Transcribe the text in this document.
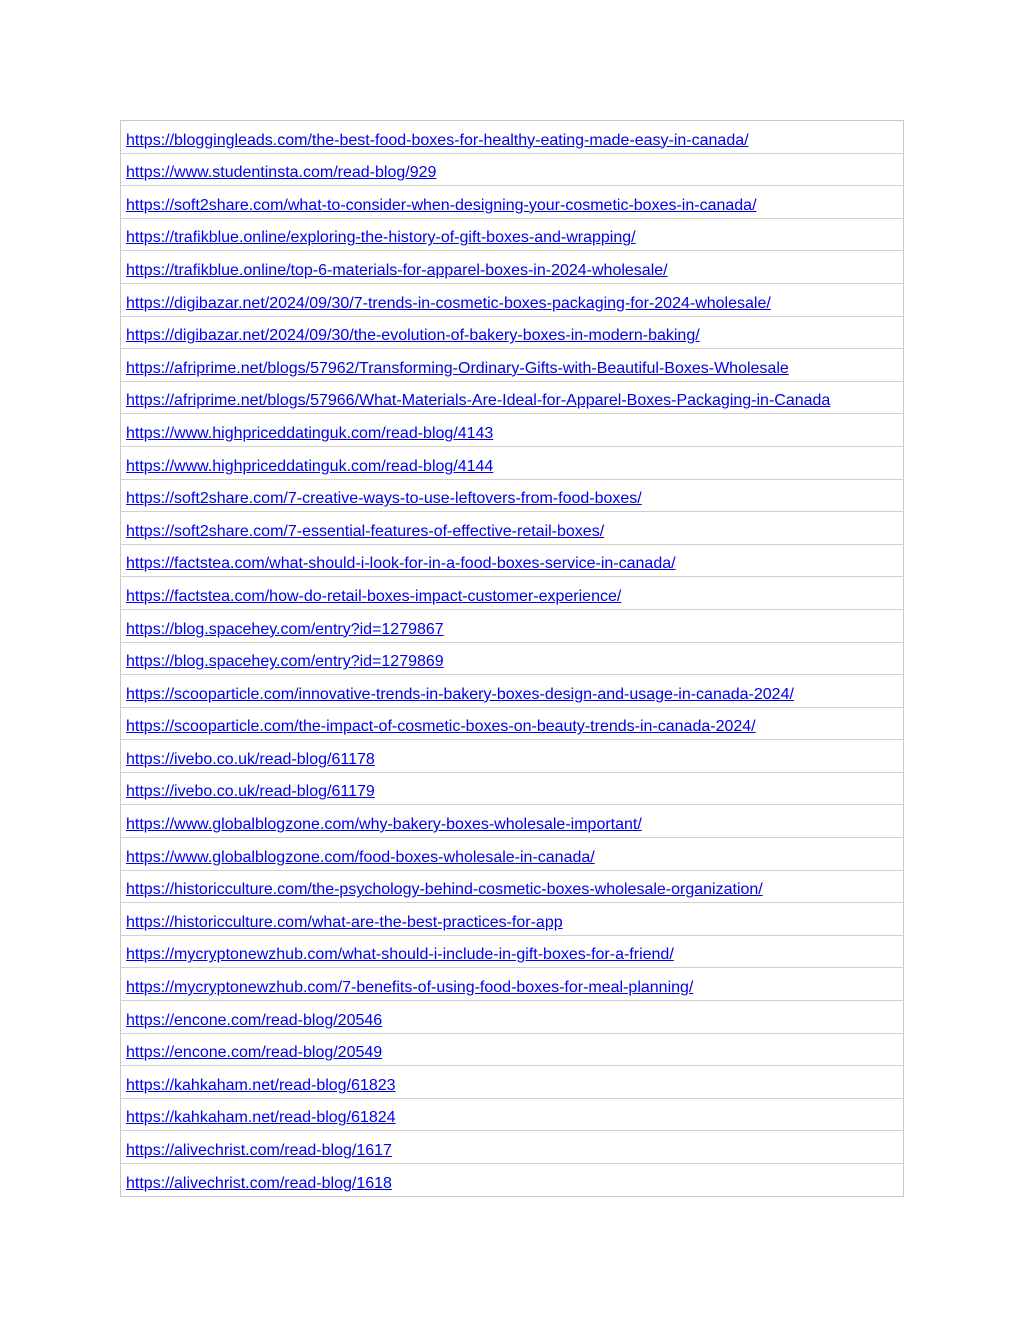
https://bloggingleads.com/the-best-food-boxes-for-healthy-eating-made-easy-in-canada/
https://www.studentinsta.com/read-blog/929
https://soft2share.com/what-to-consider-when-designing-your-cosmetic-boxes-in-canada/
https://trafikblue.online/exploring-the-history-of-gift-boxes-and-wrapping/
https://trafikblue.online/top-6-materials-for-apparel-boxes-in-2024-wholesale/
https://digibazar.net/2024/09/30/7-trends-in-cosmetic-boxes-packaging-for-2024-wholesale/
https://digibazar.net/2024/09/30/the-evolution-of-bakery-boxes-in-modern-baking/
https://afriprime.net/blogs/57962/Transforming-Ordinary-Gifts-with-Beautiful-Boxes-Wholesale
https://afriprime.net/blogs/57966/What-Materials-Are-Ideal-for-Apparel-Boxes-Packaging-in-Canada
https://www.highpriceddatinguk.com/read-blog/4143
https://www.highpriceddatinguk.com/read-blog/4144
https://soft2share.com/7-creative-ways-to-use-leftovers-from-food-boxes/
https://soft2share.com/7-essential-features-of-effective-retail-boxes/
https://factstea.com/what-should-i-look-for-in-a-food-boxes-service-in-canada/
https://factstea.com/how-do-retail-boxes-impact-customer-experience/
https://blog.spacehey.com/entry?id=1279867
https://blog.spacehey.com/entry?id=1279869
https://scooparticle.com/innovative-trends-in-bakery-boxes-design-and-usage-in-canada-2024/
https://scooparticle.com/the-impact-of-cosmetic-boxes-on-beauty-trends-in-canada-2024/
https://ivebo.co.uk/read-blog/61178
https://ivebo.co.uk/read-blog/61179
https://www.globalblogzone.com/why-bakery-boxes-wholesale-important/
https://www.globalblogzone.com/food-boxes-wholesale-in-canada/
https://historicculture.com/the-psychology-behind-cosmetic-boxes-wholesale-organization/
https://historicculture.com/what-are-the-best-practices-for-app
https://mycryptonewzhub.com/what-should-i-include-in-gift-boxes-for-a-friend/
https://mycryptonewzhub.com/7-benefits-of-using-food-boxes-for-meal-planning/
https://encone.com/read-blog/20546
https://encone.com/read-blog/20549
https://kahkaham.net/read-blog/61823
https://kahkaham.net/read-blog/61824
https://alivechrist.com/read-blog/1617
https://alivechrist.com/read-blog/1618
